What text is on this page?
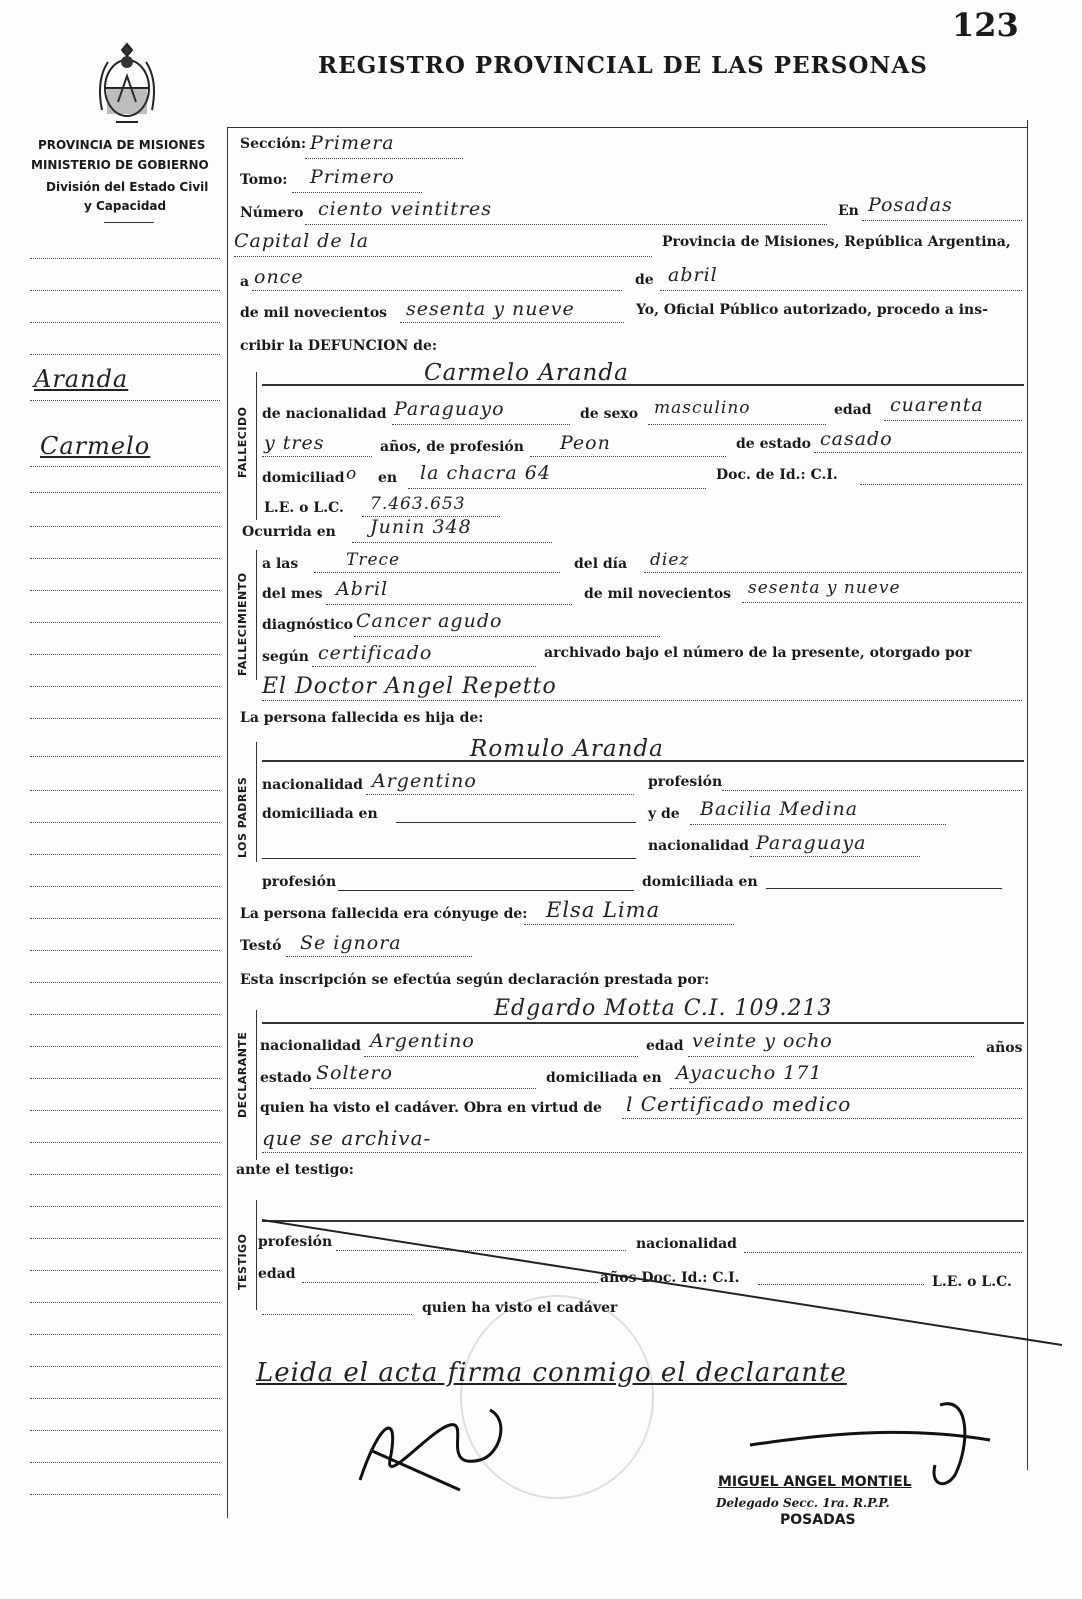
123
REGISTRO PROVINCIAL DE LAS PERSONAS
PROVINCIA DE MISIONES
MINISTERIO DE GOBIERNO
División del Estado Civil
y Capacidad
Aranda
Carmelo
Sección: Primera
Tomo: Primero
Número ciento veintitres	En Posadas
Capital de la	Provincia de Misiones, República Argentina,
a once	de abril
de mil novecientos sesenta y nueve	Yo, Oficial Público autorizado, procedo a ins-
cribir la DEFUNCION de:
FALLECIDO
Carmelo Aranda
de nacionalidad Paraguayo	de sexo masculino	edad cuarenta
y tres	años, de profesión Peon	de estado casado
domiciliad o en la chacra 64	Doc. de Id.: C.I.
L.E. o L.C. 7.463.653
Ocurrida en Junin 348
FALLECIMIENTO
a las	Trece	del día diez
del mes Abril	de mil novecientos sesenta y nueve
diagnóstico Cancer agudo
según certificado	archivado bajo el número de la presente, otorgado por
El Doctor Angel Repetto
La persona fallecida es hija de:
LOS PADRES
Romulo Aranda
nacionalidad Argentino	profesión
domiciliada en	y de Bacilia Medina
nacionalidad Paraguaya
profesión	domiciliada en
La persona fallecida era cónyuge de: Elsa Lima
Testó Se ignora
Esta inscripción se efectúa según declaración prestada por:
DECLARANTE
Edgardo Motta C.I. 109.213
nacionalidad Argentino	edad veinte y ocho	años
estado Soltero	domiciliada en Ayacucho 171
quien ha visto el cadáver. Obra en virtud de l Certificado medico
que se archiva-
ante el testigo:
TESTIGO profesión	nacionalidad
edad	años Doc. Id.: C.I.	L.E. o L.C.
quien ha visto el cadáver
Leida el acta firma conmigo el declarante
MIGUEL ANGEL MONTIEL
Delegado Secc. 1ra. R.P.P.
POSADAS
